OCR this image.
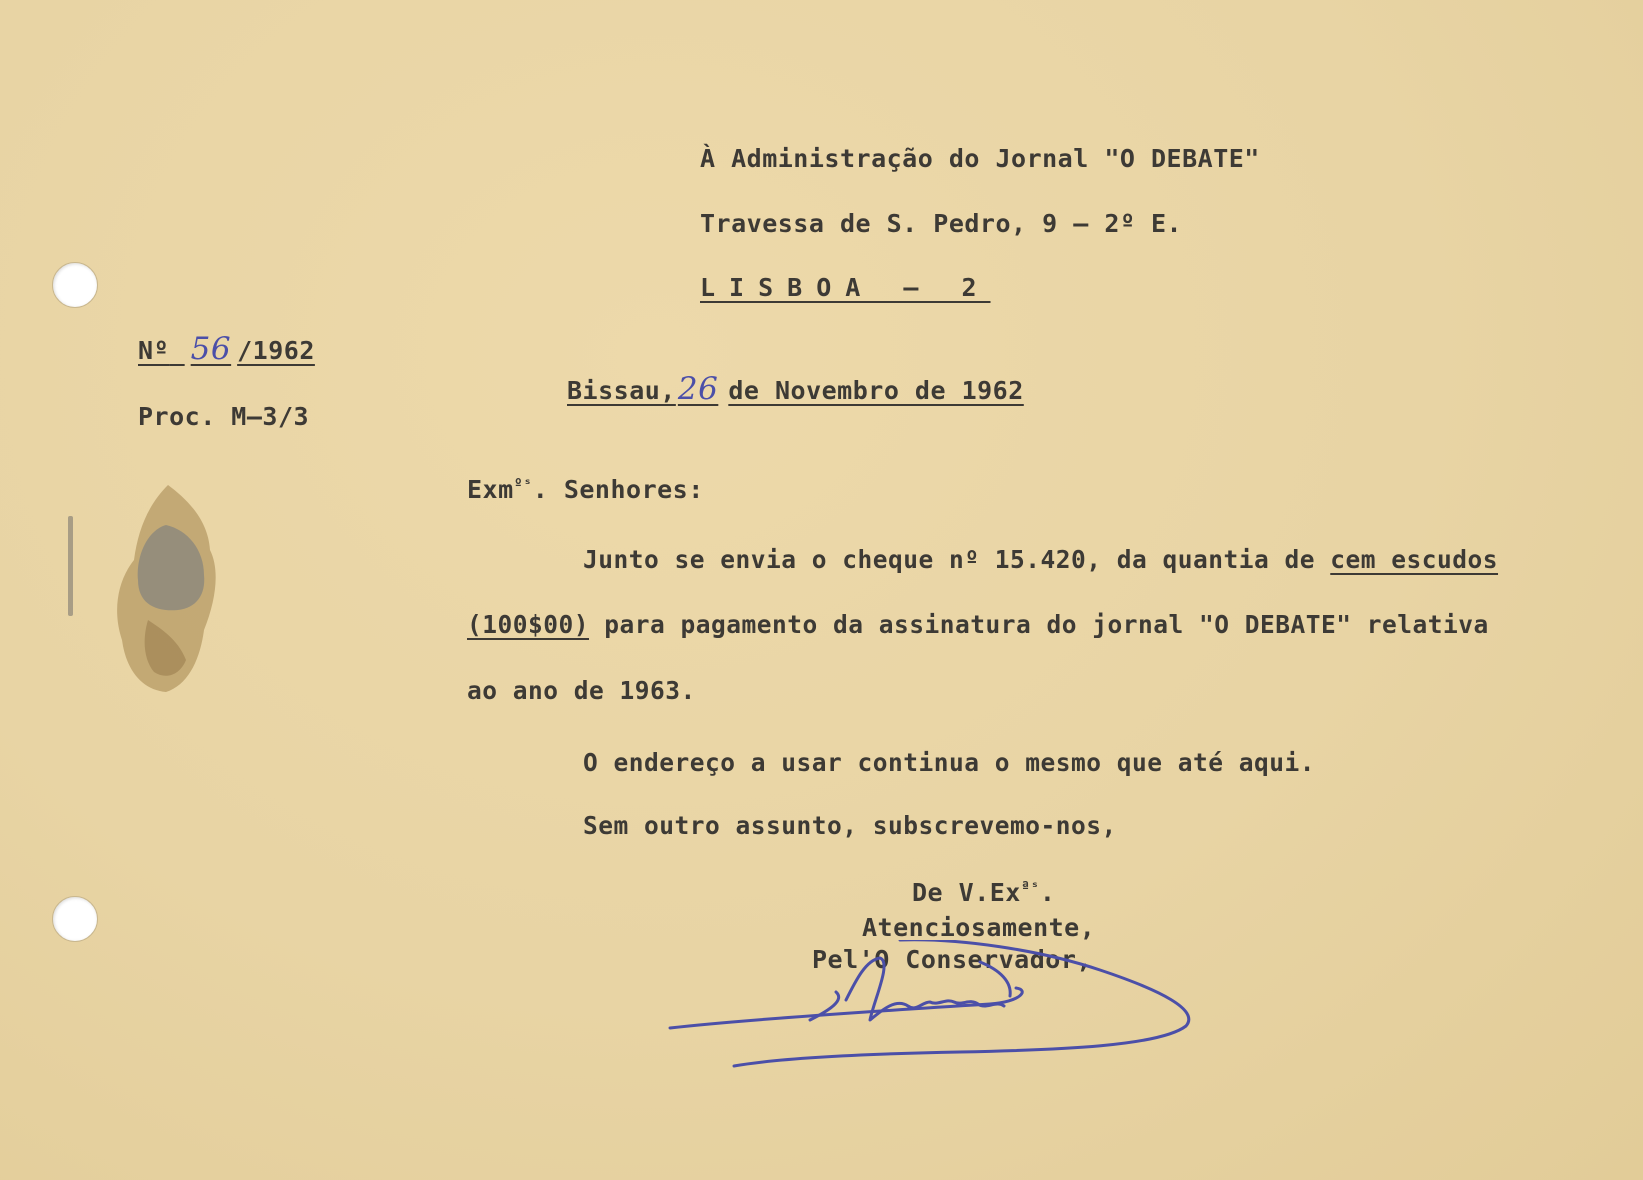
À Administração do Jornal "O DEBATE"
Travessa de S. Pedro, 9 – 2º E.
LISBOA – 2
Nº 56 /1962
Proc. M–3/3
Bissau,26 de Novembro de 1962
Exm$^{ºˢ}$. Senhores:
Junto se envia o cheque nº 15.420, da quantia de cem escudos
(100$00) para pagamento da assinatura do jornal "O DEBATE" relativa
ao ano de 1963.
O endereço a usar continua o mesmo que até aqui.
Sem outro assunto, subscrevemo-nos,
De $V.Ex^{ªˢ}$.
Atenciosamente,
Pel'O Conservador,
